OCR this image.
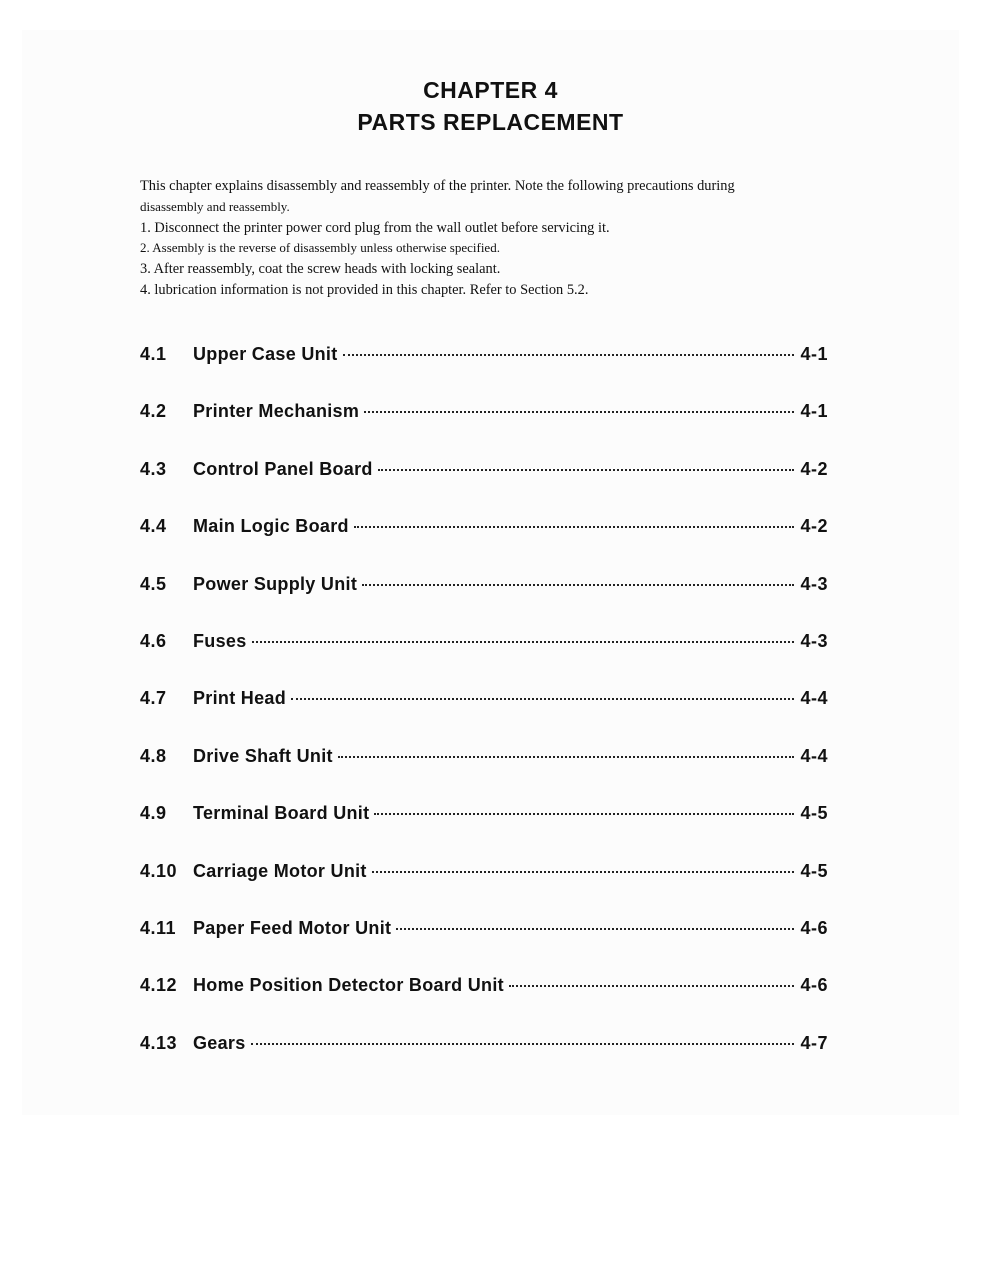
CHAPTER 4
PARTS REPLACEMENT

This chapter explains disassembly and reassembly of the printer. Note the following precautions during

disassembly and reassembly.

1. Disconnect the printer power cord plug from the wall outlet before servicing it.
2. Assembly is the reverse of disassembly unless otherwise specified.
3. After reassembly, coat the screw heads with locking sealant.
4. lubrication information is not provided in this chapter. Refer to Section 5.2.
4.1	Upper Case Unit	4-1
4.2	Printer Mechanism	4-1
4.3	Control Panel Board	4-2
4.4	Main Logic Board	4-2
4.5	Power Supply Unit	4-3
4.6	Fuses	4-3
4.7	Print Head	4-4
4.8	Drive Shaft Unit	4-4
4.9	Terminal Board Unit	4-5
4.10 Carriage Motor Unit	4-5
4.11 Paper Feed Motor Unit	4-6
4.12 Home Position Detector Board Unit	4-6
4.13 Gears	4-7
